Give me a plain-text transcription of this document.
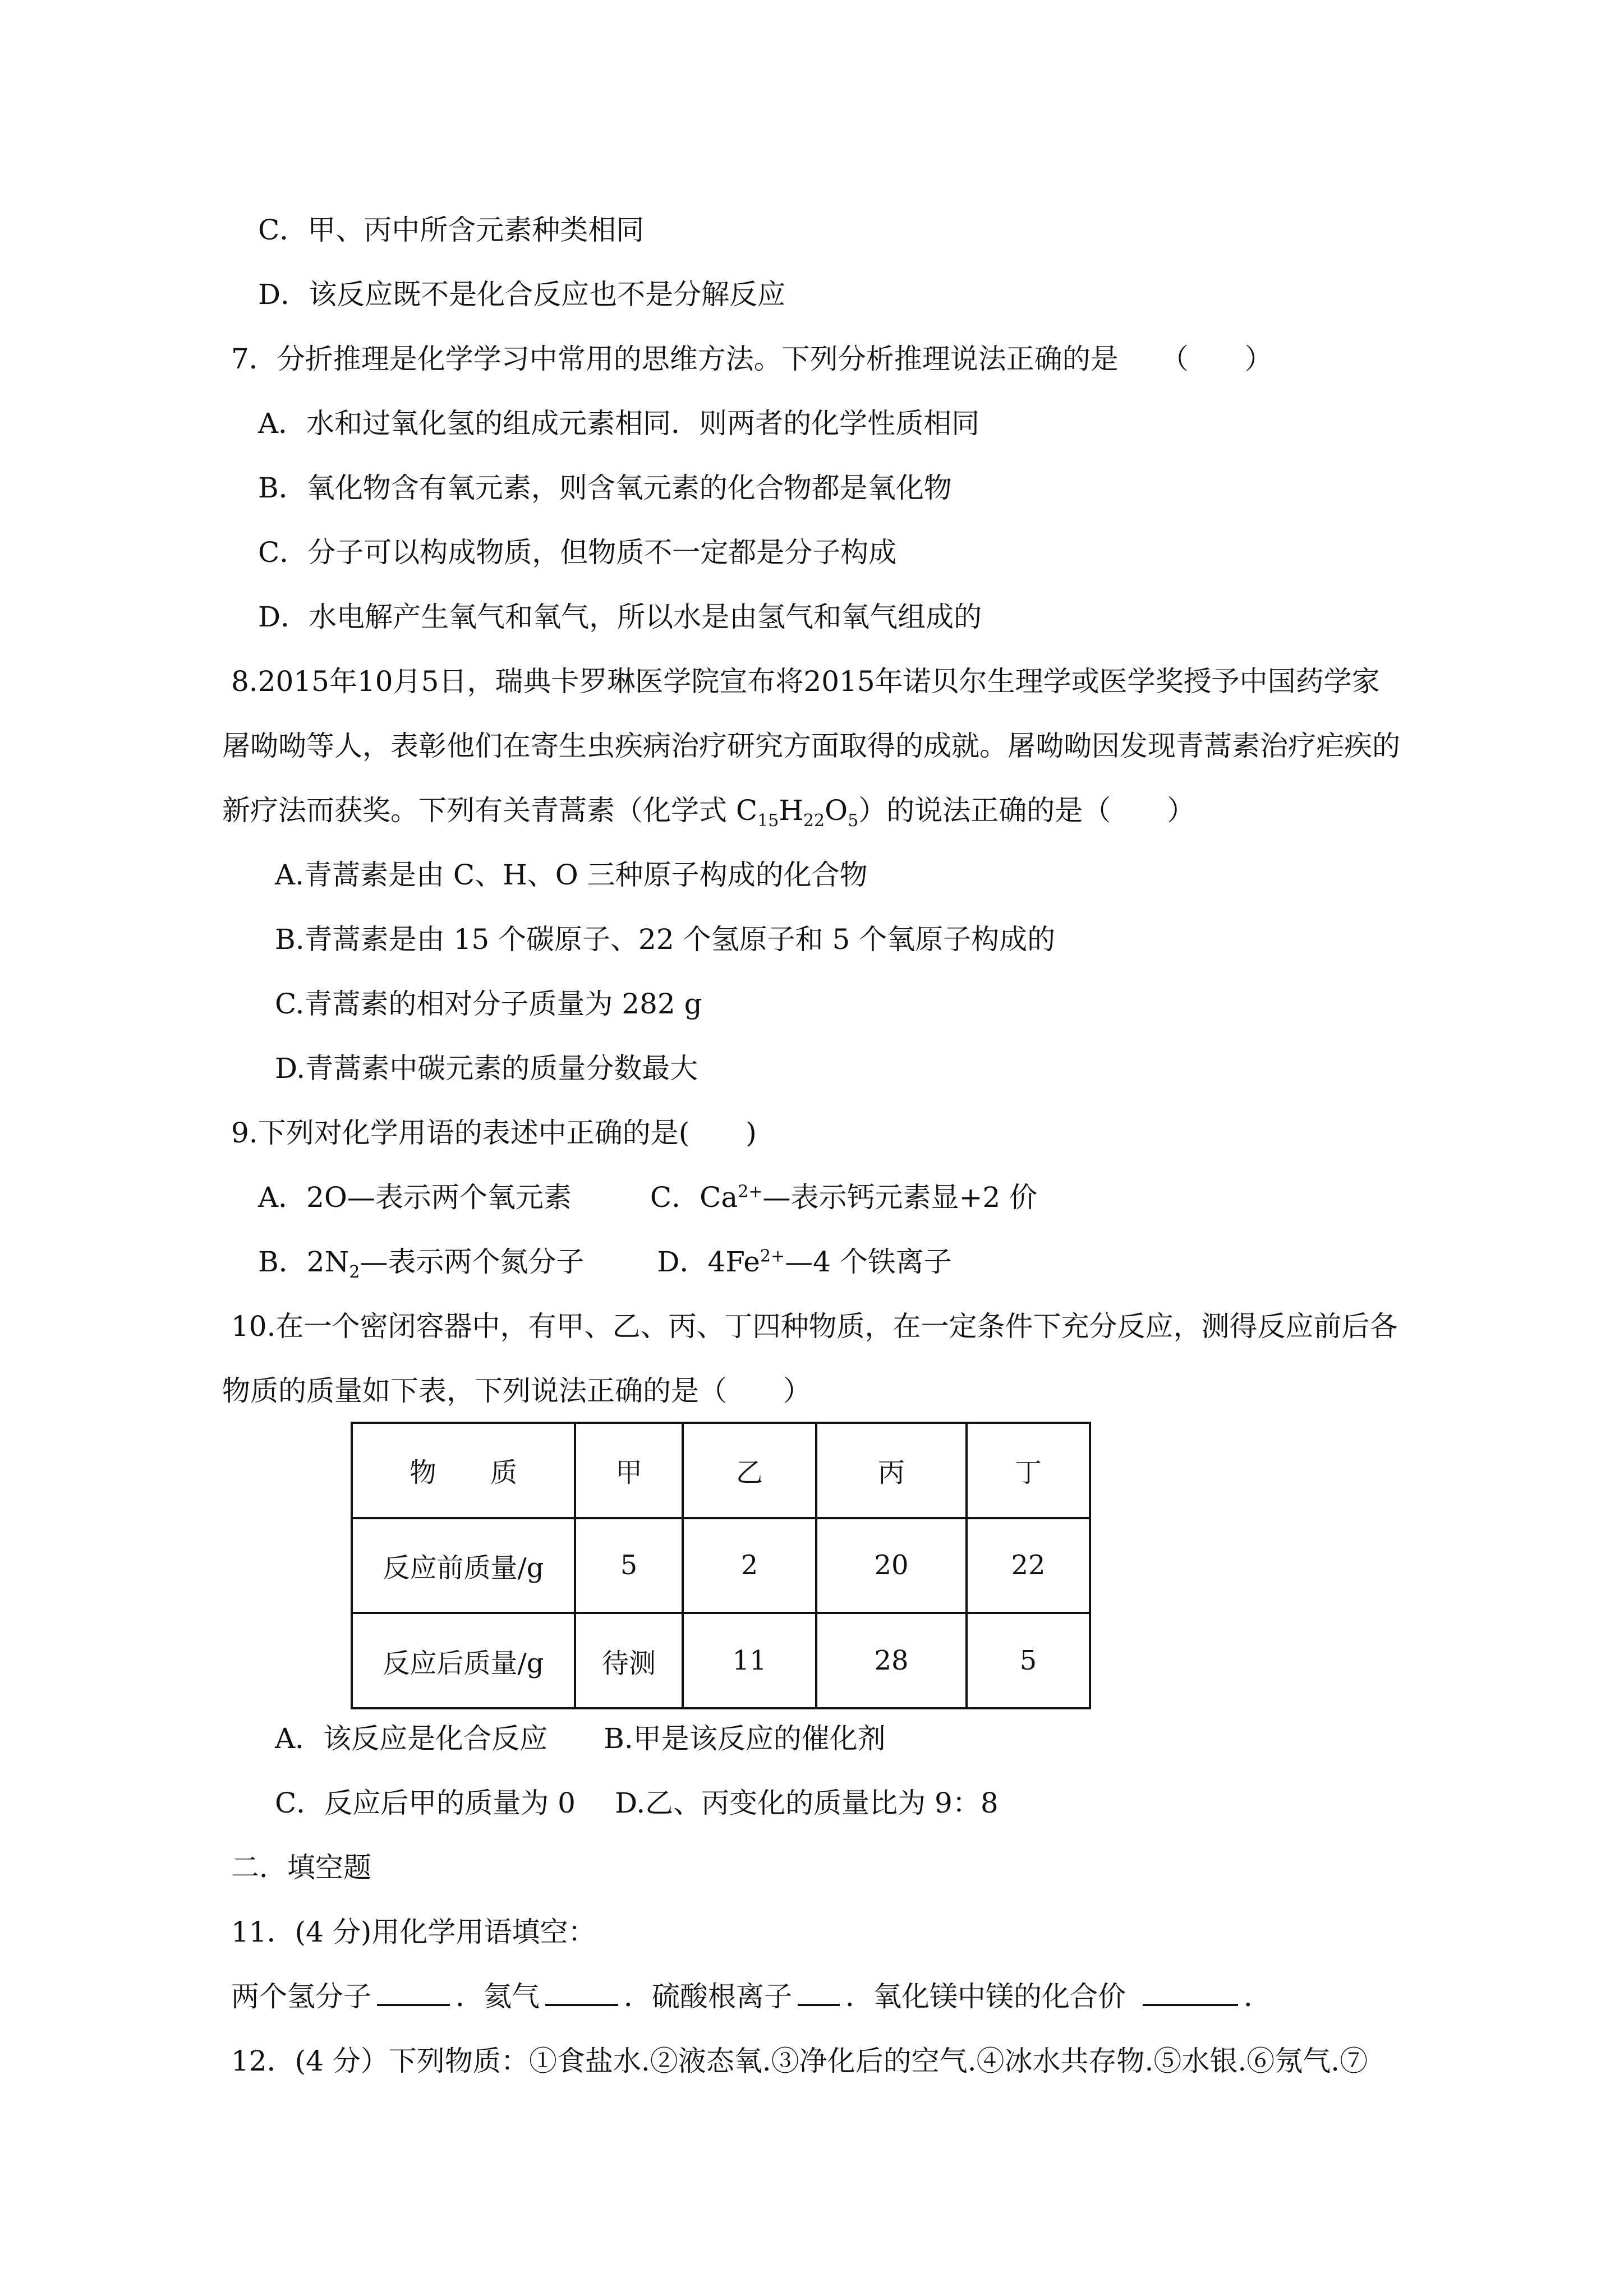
C．甲、丙中所含元素种类相同
D．该反应既不是化合反应也不是分解反应
7．分折推理是化学学习中常用的思维方法。下列分析推理说法正确的是　　（　　）
A．水和过氧化氢的组成元素相同．则两者的化学性质相同
B．氧化物含有氧元素，则含氧元素的化合物都是氧化物
C．分子可以构成物质，但物质不一定都是分子构成
D．水电解产生氧气和氧气，所以水是由氢气和氧气组成的
8.2015年10月5日，瑞典卡罗琳医学院宣布将2015年诺贝尔生理学或医学奖授予中国药学家
屠呦呦等人，表彰他们在寄生虫疾病治疗研究方面取得的成就。屠呦呦因发现青蒿素治疗疟疾的
新疗法而获奖。下列有关青蒿素（化学式 $C_{15}H_{22}O_5$）的说法正确的是（　　）
A.青蒿素是由 C、H、O 三种原子构成的化合物
B.青蒿素是由 15 个碳原子、22 个氢原子和 5 个氧原子构成的
C.青蒿素的相对分子质量为 282 g
D.青蒿素中碳元素的质量分数最大
9.下列对化学用语的表述中正确的是(　　)
A．2O—表示两个氧元素	C．$Ca^{2+}—$表示钙元素显+2 价
B．$2N_2—$表示两个氮分子	D．$4Fe^{2+}—4$ 个铁离子
10.在一个密闭容器中，有甲、乙、丙、丁四种物质，在一定条件下充分反应，测得反应前后各
物质的质量如下表，下列说法正确的是（　　）
物　　质	甲	乙	丙	丁
反应前质量/g	5	2	20	22
反应后质量/g	待测	11	28	5
A．该反应是化合反应 B.甲是该反应的催化剂
C．反应后甲的质量为 0 D.乙、丙变化的质量比为 9：8
二．填空题
11．(4 分)用化学用语填空：
两个氢分子	．氦气	．硫酸根离子 ．氧化镁中镁的化合价	．
12．(4 分）下列物质：①食盐水.②液态氧.③净化后的空气.④冰水共存物.⑤水银.⑥氖气.⑦
